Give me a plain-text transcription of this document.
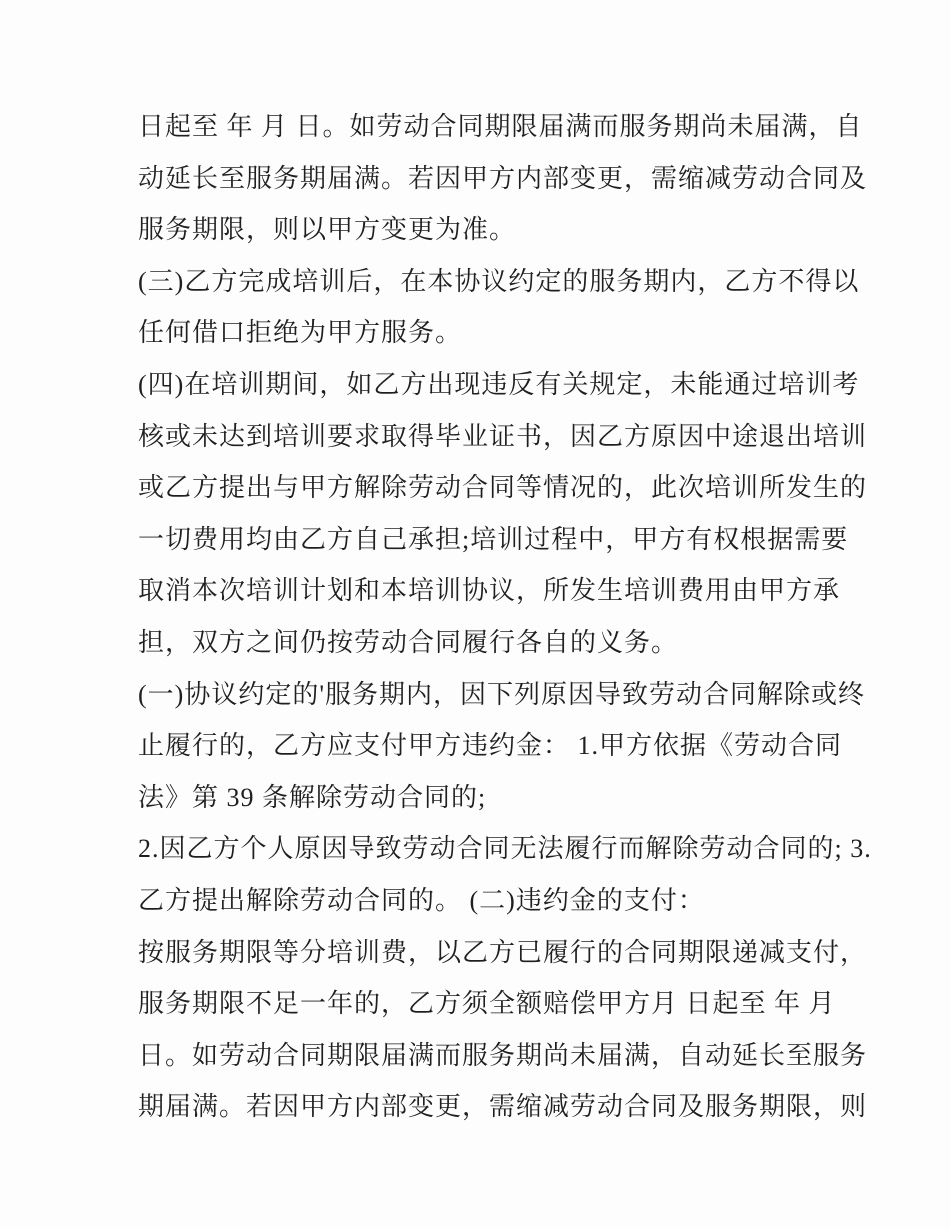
日起至 年 月 日。如劳动合同期限届满而服务期尚未届满，自
动延长至服务期届满。若因甲方内部变更，需缩减劳动合同及
服务期限，则以甲方变更为准。
(三)乙方完成培训后，在本协议约定的服务期内，乙方不得以
任何借口拒绝为甲方服务。
(四)在培训期间，如乙方出现违反有关规定，未能通过培训考
核或未达到培训要求取得毕业证书，因乙方原因中途退出培训
或乙方提出与甲方解除劳动合同等情况的，此次培训所发生的
一切费用均由乙方自己承担;培训过程中，甲方有权根据需要
取消本次培训计划和本培训协议，所发生培训费用由甲方承
担，双方之间仍按劳动合同履行各自的义务。
(一)协议约定的'服务期内，因下列原因导致劳动合同解除或终
止履行的，乙方应支付甲方违约金： 1.甲方依据《劳动合同
法》第 39 条解除劳动合同的;
2.因乙方个人原因导致劳动合同无法履行而解除劳动合同的; 3.
乙方提出解除劳动合同的。 (二)违约金的支付：
按服务期限等分培训费，以乙方已履行的合同期限递减支付，
服务期限不足一年的，乙方须全额赔偿甲方月 日起至 年 月
日。如劳动合同期限届满而服务期尚未届满，自动延长至服务
期届满。若因甲方内部变更，需缩减劳动合同及服务期限，则
